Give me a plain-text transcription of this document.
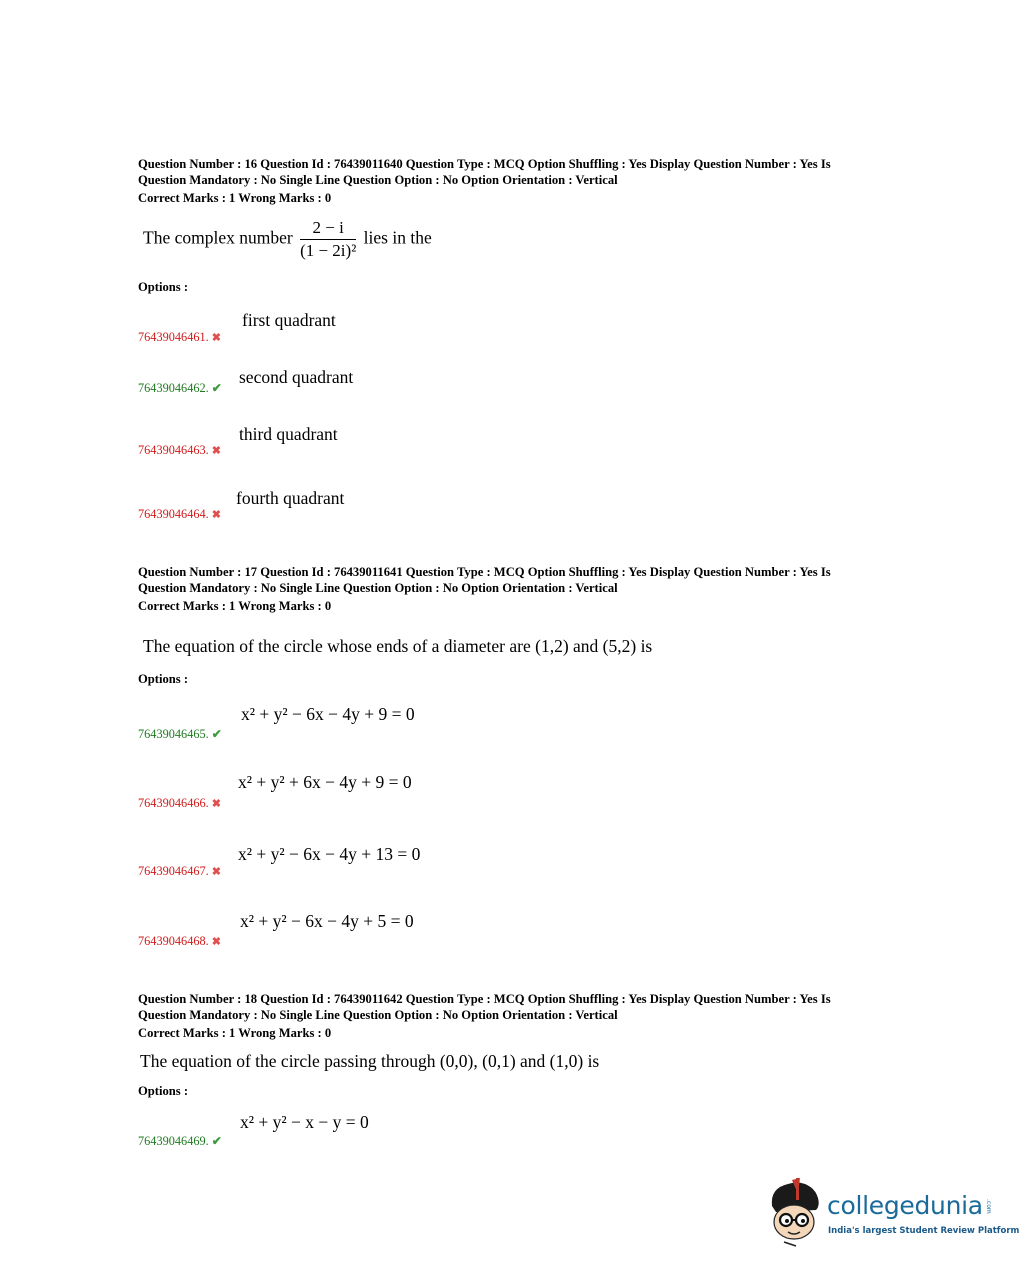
Question Number : 16 Question Id : 76439011640 Question Type : MCQ Option Shuffling : Yes Display Question Number : Yes Is
Question Mandatory : No Single Line Question Option : No Option Orientation : Vertical
Correct Marks : 1 Wrong Marks : 0
The complex number $\frac{2 - i}{\text{(1 − 2i)²}}$ lies in the
Options :
first quadrant
76439046461. ✖
second quadrant
76439046462. ✔
third quadrant
76439046463. ✖
fourth quadrant
76439046464. ✖
Question Number : 17 Question Id : 76439011641 Question Type : MCQ Option Shuffling : Yes Display Question Number : Yes Is
Question Mandatory : No Single Line Question Option : No Option Orientation : Vertical
Correct Marks : 1 Wrong Marks : 0
The equation of the circle whose ends of a diameter are (1,2) and (5,2) is
Options :
x² + y² − 6x − 4y + 9 = 0
76439046465. ✔
x² + y² + 6x − 4y + 9 = 0
76439046466. ✖
x² + y² − 6x − 4y + 13 = 0
76439046467. ✖
x² + y² − 6x − 4y + 5 = 0
76439046468. ✖
Question Number : 18 Question Id : 76439011642 Question Type : MCQ Option Shuffling : Yes Display Question Number : Yes Is
Question Mandatory : No Single Line Question Option : No Option Orientation : Vertical
Correct Marks : 1 Wrong Marks : 0
The equation of the circle passing through (0,0), (0,1) and (1,0) is
Options :
x² + y² − x − y = 0
76439046469. ✔
collegedunia .com
India's largest Student Review Platform
